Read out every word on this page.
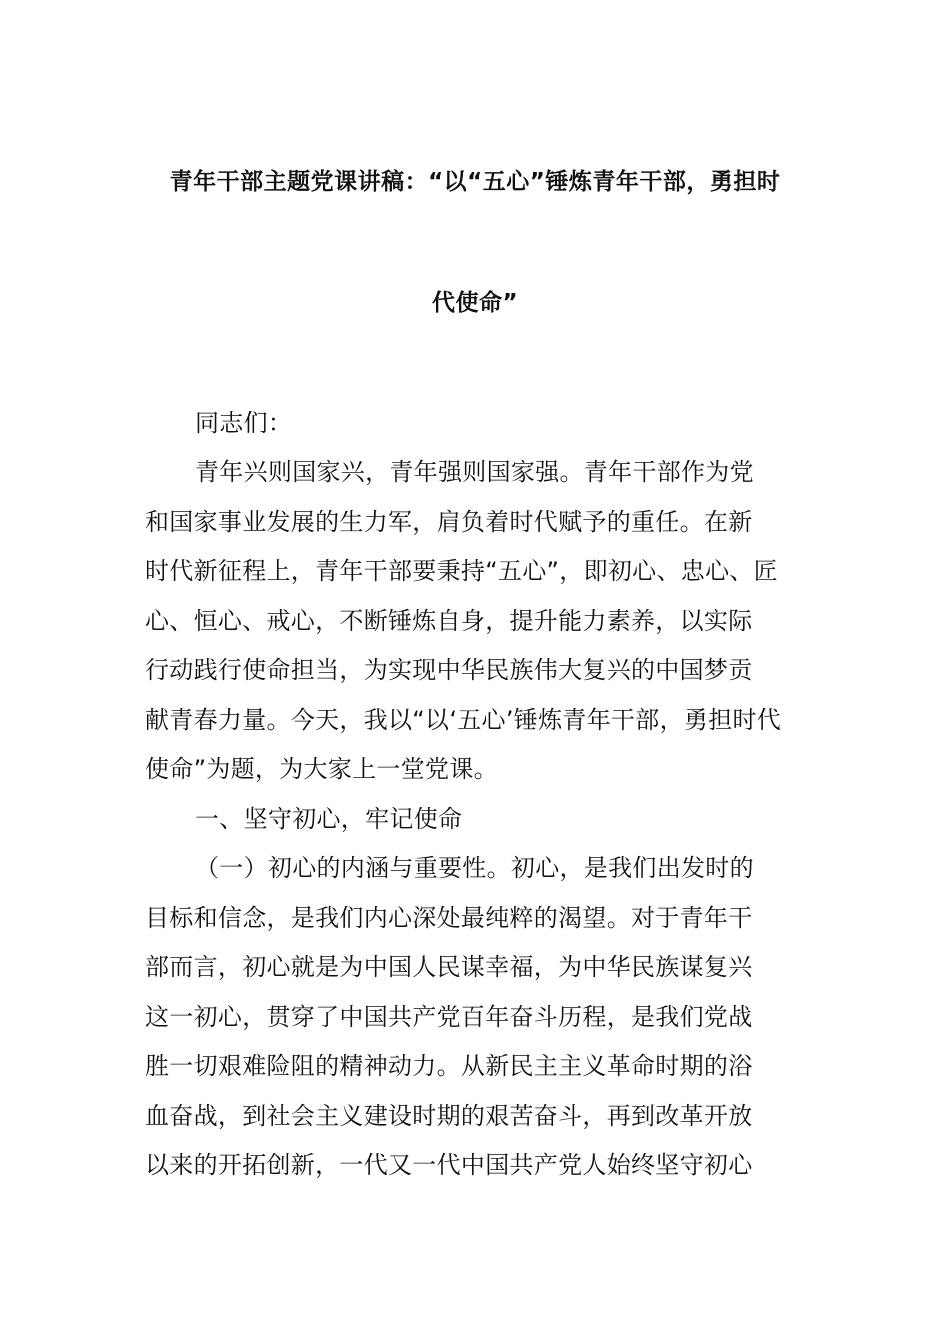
青年干部主题党课讲稿：“以“五心”锤炼青年干部，勇担时
代使命”
同志们：
青年兴则国家兴，青年强则国家强。青年干部作为党
和国家事业发展的生力军，肩负着时代赋予的重任。在新
时代新征程上，青年干部要秉持“五心”，即初心、忠心、匠
心、恒心、戒心，不断锤炼自身，提升能力素养，以实际
行动践行使命担当，为实现中华民族伟大复兴的中国梦贡
献青春力量。今天，我以“以‘五心’锤炼青年干部，勇担时代
使命”为题，为大家上一堂党课。
一、坚守初心，牢记使命
（一）初心的内涵与重要性。初心，是我们出发时的
目标和信念，是我们内心深处最纯粹的渴望。对于青年干
部而言，初心就是为中国人民谋幸福，为中华民族谋复兴
这一初心，贯穿了中国共产党百年奋斗历程，是我们党战
胜一切艰难险阻的精神动力。从新民主主义革命时期的浴
血奋战，到社会主义建设时期的艰苦奋斗，再到改革开放
以来的开拓创新，一代又一代中国共产党人始终坚守初心
